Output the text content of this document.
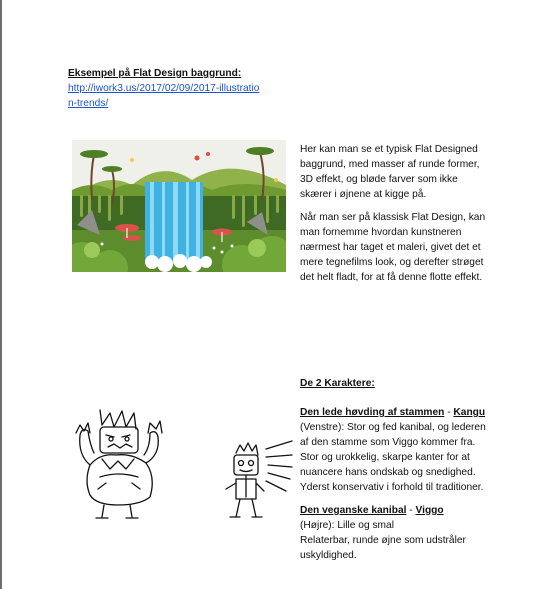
Eksempel på Flat Design baggrund:
http://iwork3.us/2017/02/09/2017-illustratio
n-trends/

Her kan man se et typisk Flat Designed

baggrund, med masser af runde former,

3D effekt, og bløde farver som ikke

skærer i øjnene at kigge på.

Når man ser på klassisk Flat Design, kan

man fornemme hvordan kunstneren

nærmest har taget et maleri, givet det et

mere tegnefilms look, og derefter strøget

det helt fladt, for at få denne flotte effekt.

De 2 Karaktere:

Den lede høvding af stammen - Kangu

(Venstre): Stor og fed kanibal, og lederen

af den stamme som Viggo kommer fra.

Stor og urokkelig, skarpe kanter for at

nuancere hans ondskab og snedighed.

Yderst konservativ i forhold til traditioner.

Den veganske kanibal - Viggo

(Højre): Lille og smal

Relaterbar, runde øjne som udstråler

uskyldighed.
